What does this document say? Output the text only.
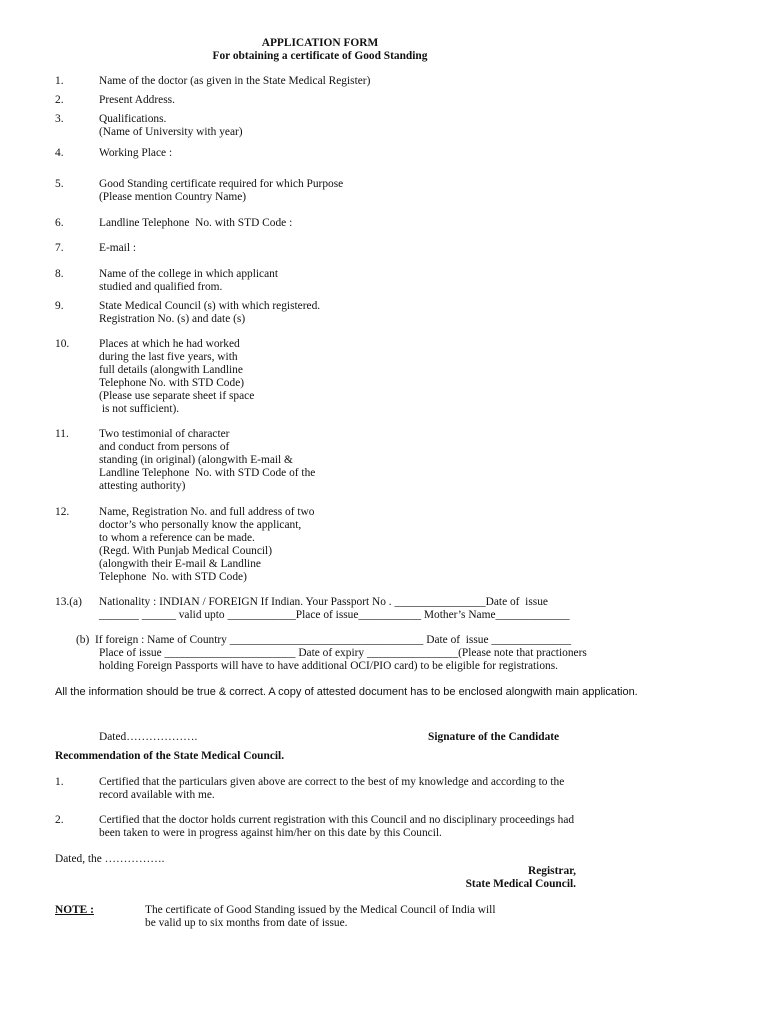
APPLICATION FORM
For obtaining a certificate of Good Standing
1.	Name of the doctor (as given in the State Medical Register)
2.	Present Address.
3.	Qualifications.
(Name of University with year)
4.	Working Place :
5.	Good Standing certificate required for which Purpose
(Please mention Country Name)
6.	Landline Telephone  No. with STD Code :
7.	E-mail :
8.	Name of the college in which applicant
studied and qualified from.
9.	State Medical Council (s) with which registered.
Registration No. (s) and date (s)
10.	Places at which he had worked
during the last five years, with
full details (alongwith Landline
Telephone No. with STD Code)
(Please use separate sheet if space
is not sufficient).
11.	Two testimonial of character
and conduct from persons of
standing (in original) (alongwith E-mail &
Landline Telephone  No. with STD Code of the
attesting authority)
12.	Name, Registration No. and full address of two
doctor’s who personally know the applicant,
to whom a reference can be made.
(Regd. With Punjab Medical Council)
(alongwith their E-mail & Landline
Telephone  No. with STD Code)
13.(a) Nationality : INDIAN / FOREIGN If Indian. Your Passport No . ________________Date of  issue
_______ ______ valid upto ____________Place of issue___________ Mother’s Name_____________
(b)  If foreign : Name of Country __________________________________ Date of  issue ______________
Place of issue _______________________ Date of expiry ________________(Please note that practioners
holding Foreign Passports will have to have additional OCI/PIO card) to be eligible for registrations.
All the information should be true & correct. A copy of attested document has to be enclosed alongwith main application.
Dated……………….	Signature of the Candidate
Recommendation of the State Medical Council.
1.	Certified that the particulars given above are correct to the best of my knowledge and according to the
record available with me.
2.	Certified that the doctor holds current registration with this Council and no disciplinary proceedings had
been taken to were in progress against him/her on this date by this Council.
Dated, the …………….
Registrar,
State Medical Council.
NOTE :	The certificate of Good Standing issued by the Medical Council of India will
be valid up to six months from date of issue.
